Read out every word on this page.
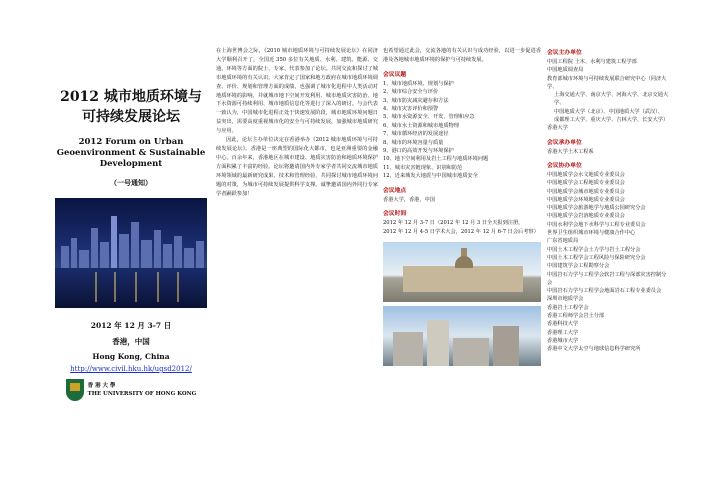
2012 城市地质环境与
可持续发展论坛
2012 Forum on Urban
Geoenvironment & Sustainable
Development
（一号通知）
2012 年 12 月 3-7 日
香港，中国
Hong Kong, China
http://www.civil.hku.hk/ugsd2012/
香 港 大 學
THE UNIVERSITY OF HONG KONG

在上海世博会之际，《2010 城市地质环境与可持续发展论坛》在同济大学顺利召开了，全国近 350 多位有关地质、水利、建筑、能源、交通、环境等方面的院士、专家、代表参加了论坛。共同交流和探讨了城市地质环境的有关认识。大家肯定了国家和地方政府在城市地质环境调查、评价、规划和管理方面的成绩，也强调了城市化进程中人类活动对地质环境的影响，并就城市地下空间开发利用、城市地质灾害防治、地下水资源可持续利用、城市地质信息化等进行了深入的研讨。与会代表一致认为，中国城市化进程正处于快速发展阶段，城市地质环境问题日益突出，需要高度重视城市化的安全与可持续发展，加强城市地质研究与应用。

因此，论坛主办单位决定在香港举办《2012 城市地质环境与可持续发展论坛》。香港是一座典型的国际化大都市，也是亚洲重要的金融中心。百余年来，香港地区在城市建设、地质灾害防治和地质环境保护方面积累了丰富的经验。论坛将邀请国内外专家学者共同交流城市地质环境领域的最新研究成果、技术和管理经验，共同探讨城市地质环境问题的对策，为城市可持续发展提供科学支撑。诚挚邀请国内外同行专家学者踊跃参加！

也希望通过此会，交流各地的有关认识与成功经验，以进一步促进香港及各地城市地质环境的保护与可持续发展。

会议议题
1、城市地质环境、规划与保护
2、城市综合安全与评价
3、城市防灾减灾避存和方法
4、城市灾害评价和预警
5、城市水资源安全、开发、管理和应急
6、城市水土资源和城市地质物理
7、城市循环经济的发展途径
8、城市的环境容量与质量
9、港口的高效开发与环境保护
10、地下空间利用及岩土工程与地质环境问题
11、城市灾害链现象、识别和防范
12、近来城发大地震与中国城市地质安全
会议地点
香港大学，香港，中国
会议时间
2012 年 12 月 3-7 日（2012 年 12 月 3 日全天报到注册，
2012 年 12 月 4-5 日学术大会，2012 年 12 月 6-7 日会后考察）
会议主办单位
中国工程院 土木、水利与建筑工程学部
中国地质调查局
教育部城市环境与可持续发展联合研究中心（同济大学、
上海交通大学、南京大学、河海大学、北京交通大学、
中国地质大学（北京）、中国地质大学（武汉）、
成都理工大学、重庆大学、吉林大学、长安大学）
香港大学
会议承办单位
香港大学土木工程系
会议协办单位
中国地质学会水文地质专业委员会
中国地质学会工程地质专业委员会
中国地质学会城市地质专业委员会
中国地质学会环境地质专业委员会
中国地质学会旅游地学与地质公园研究分会
中国地质学会岩溶地质专业委员会
中国水利学会地下水科学与工程专业委员会
世界卫生组织城市环境与健康合作中心
广东省地质局
中国土木工程学会土力学与岩土工程分会
中国土木工程学会工程风险与保险研究分会
中国建筑学会工程勘察分会
中国岩石力学与工程学会软岩工程与深部灾害控制分会
中国岩石力学与工程学会地面岩石工程专业委员会
深圳市地质学会
香港岩土工程学会
香港工程师学会岩土分部
香港科技大学
香港理工大学
香港城市大学
香港中文大学太空与地球信息科学研究所
